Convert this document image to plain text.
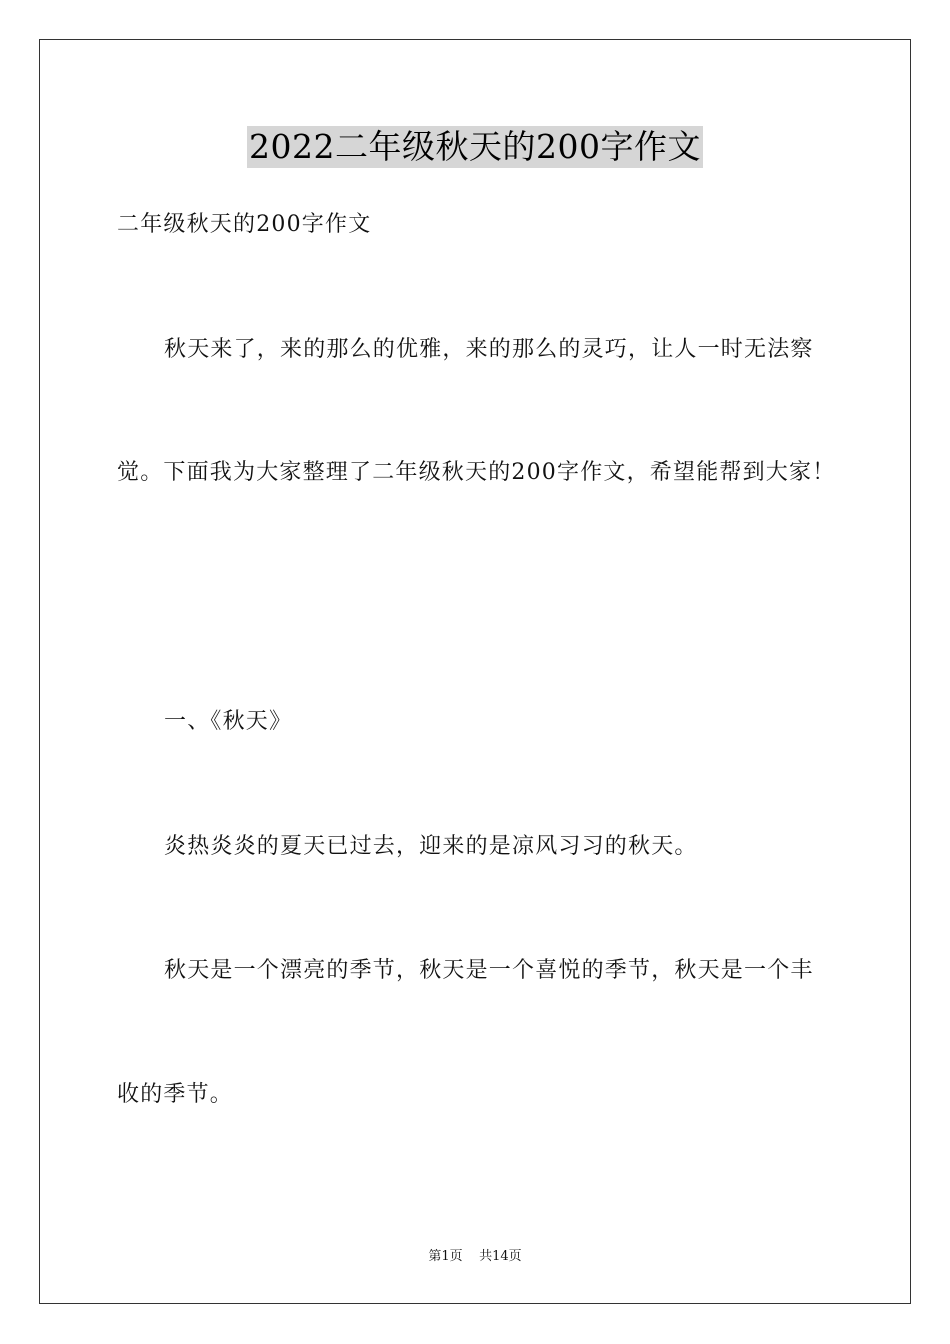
2022二年级秋天的200字作文
二年级秋天的200字作文
秋天来了，来的那么的优雅，来的那么的灵巧，让人一时无法察
觉。下面我为大家整理了二年级秋天的200字作文，希望能帮到大家！
一、《秋天》
炎热炎炎的夏天已过去，迎来的是凉风习习的秋天。
秋天是一个漂亮的季节，秋天是一个喜悦的季节，秋天是一个丰
收的季节。
第1页 共14页
